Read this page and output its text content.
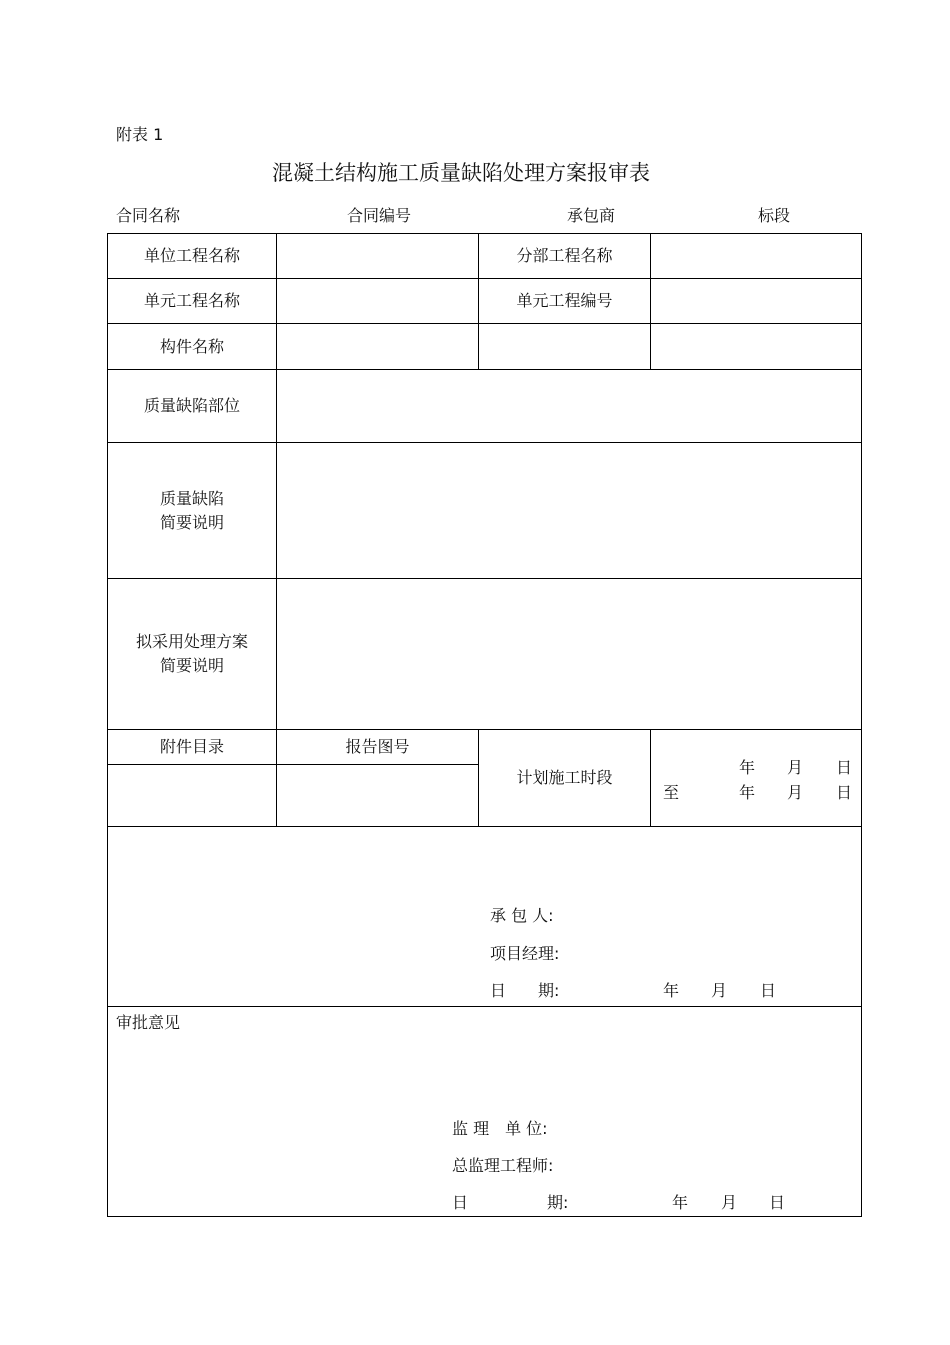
附表 1
混凝土结构施工质量缺陷处理方案报审表
合同名称	合同编号	承包商	标段
单位工程名称	分部工程名称
单元工程名称	单元工程编号
构件名称
质量缺陷部位
质量缺陷
简要说明
拟采用处理方案
简要说明
附件目录	报告图号
计划施工时段
年 月 日
至	年 月 日
承 包 人:
项目经理:
日　　期:	年 月 日
审批意见
监 理　单 位:
总监理工程师:
日	期:	年 月 日
